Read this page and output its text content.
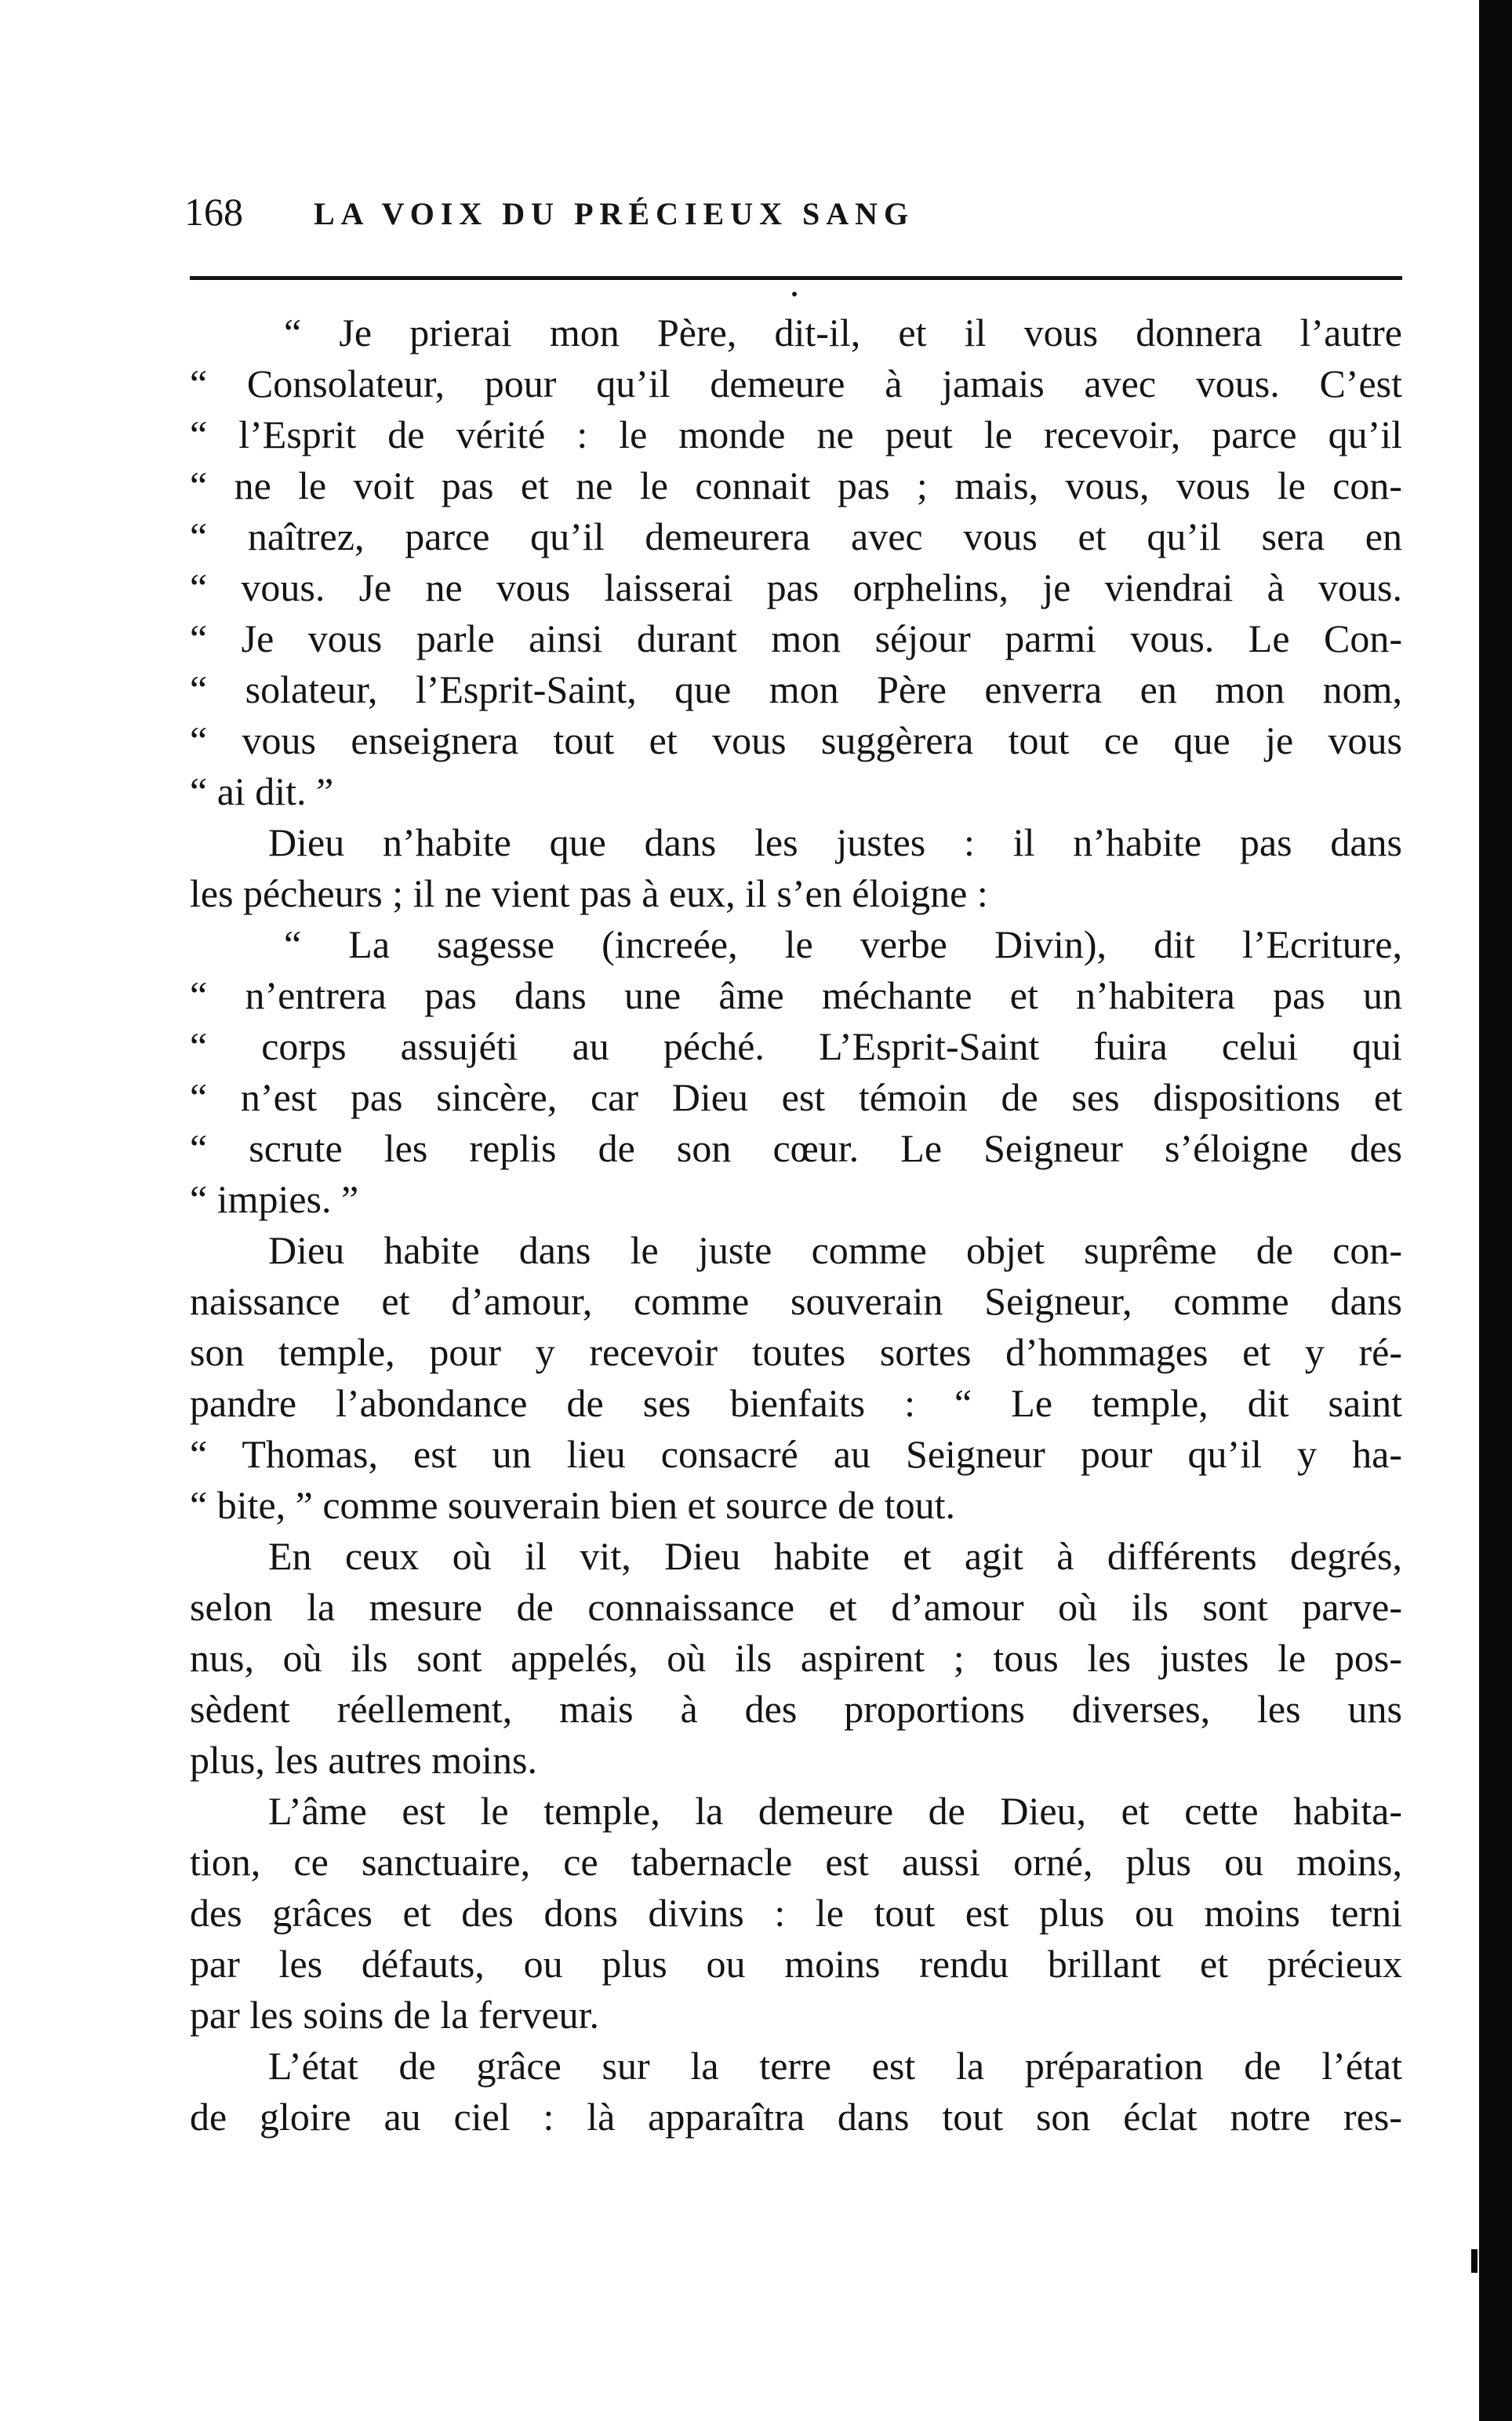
168 LA VOIX DU PRÉCIEUX SANG
“ Je prierai mon Père, dit-il, et il vous donnera l’autre
“ Consolateur, pour qu’il demeure à jamais avec vous. C’est
“ l’Esprit de vérité : le monde ne peut le recevoir, parce qu’il
“ ne le voit pas et ne le connait pas ; mais, vous, vous le con-
“ naîtrez, parce qu’il demeurera avec vous et qu’il sera en
“ vous. Je ne vous laisserai pas orphelins, je viendrai à vous.
“ Je vous parle ainsi durant mon séjour parmi vous. Le Con-
“ solateur, l’Esprit-Saint, que mon Père enverra en mon nom,
“ vous enseignera tout et vous suggèrera tout ce que je vous
“ ai dit. ”
Dieu n’habite que dans les justes : il n’habite pas dans
les pécheurs ; il ne vient pas à eux, il s’en éloigne :
“ La sagesse (increée, le verbe Divin), dit l’Ecriture,
“ n’entrera pas dans une âme méchante et n’habitera pas un
“ corps assujéti au péché. L’Esprit-Saint fuira celui qui
“ n’est pas sincère, car Dieu est témoin de ses dispositions et
“ scrute les replis de son cœur. Le Seigneur s’éloigne des
“ impies. ”
Dieu habite dans le juste comme objet suprême de con-
naissance et d’amour, comme souverain Seigneur, comme dans
son temple, pour y recevoir toutes sortes d’hommages et y ré-
pandre l’abondance de ses bienfaits : “ Le temple, dit saint
“ Thomas, est un lieu consacré au Seigneur pour qu’il y ha-
“ bite, ” comme souverain bien et source de tout.
En ceux où il vit, Dieu habite et agit à différents degrés,
selon la mesure de connaissance et d’amour où ils sont parve-
nus, où ils sont appelés, où ils aspirent ; tous les justes le pos-
sèdent réellement, mais à des proportions diverses, les uns
plus, les autres moins.
L’âme est le temple, la demeure de Dieu, et cette habita-
tion, ce sanctuaire, ce tabernacle est aussi orné, plus ou moins,
des grâces et des dons divins : le tout est plus ou moins terni
par les défauts, ou plus ou moins rendu brillant et précieux
par les soins de la ferveur.
L’état de grâce sur la terre est la préparation de l’état
de gloire au ciel : là apparaîtra dans tout son éclat notre res-
